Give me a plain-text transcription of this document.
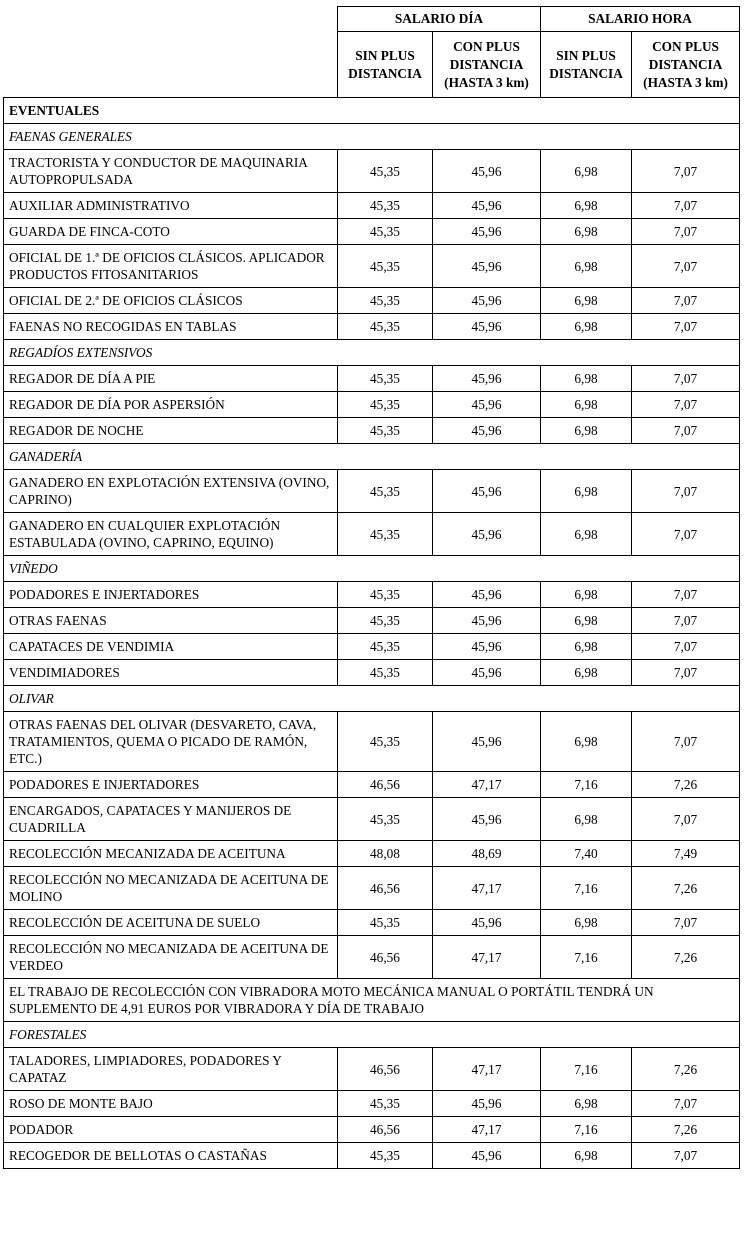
	SALARIO DÍA		SALARIO HORA	
	SIN PLUS DISTANCIA	CON PLUS DISTANCIA (HASTA 3 km)	SIN PLUS DISTANCIA	CON PLUS DISTANCIA (HASTA 3 km)
EVENTUALES				
FAENAS GENERALES				
TRACTORISTA Y CONDUCTOR DE MAQUINARIA AUTOPROPULSADA	45,35	45,96	6,98	7,07
AUXILIAR ADMINISTRATIVO	45,35	45,96	6,98	7,07
GUARDA DE FINCA-COTO	45,35	45,96	6,98	7,07
OFICIAL DE 1.ª DE OFICIOS CLÁSICOS. APLICADOR PRODUCTOS FITOSANITARIOS	45,35	45,96	6,98	7,07
OFICIAL DE 2.ª DE OFICIOS CLÁSICOS	45,35	45,96	6,98	7,07
FAENAS NO RECOGIDAS EN TABLAS	45,35	45,96	6,98	7,07
REGADÍOS EXTENSIVOS				
REGADOR DE DÍA A PIE	45,35	45,96	6,98	7,07
REGADOR DE DÍA POR ASPERSIÓN	45,35	45,96	6,98	7,07
REGADOR DE NOCHE	45,35	45,96	6,98	7,07
GANADERÍA				
GANADERO EN EXPLOTACIÓN EXTENSIVA (OVINO, CAPRINO)	45,35	45,96	6,98	7,07
GANADERO EN CUALQUIER EXPLOTACIÓN ESTABULADA (OVINO, CAPRINO, EQUINO)	45,35	45,96	6,98	7,07
VIÑEDO				
PODADORES E INJERTADORES	45,35	45,96	6,98	7,07
OTRAS FAENAS	45,35	45,96	6,98	7,07
CAPATACES DE VENDIMIA	45,35	45,96	6,98	7,07
VENDIMIADORES	45,35	45,96	6,98	7,07
OLIVAR				
OTRAS FAENAS DEL OLIVAR (DESVARETO, CAVA, TRATAMIENTOS, QUEMA O PICADO DE RAMÓN, ETC.)	45,35	45,96	6,98	7,07
PODADORES E INJERTADORES	46,56	47,17	7,16	7,26
ENCARGADOS, CAPATACES Y MANIJEROS DE CUADRILLA	45,35	45,96	6,98	7,07
RECOLECCIÓN MECANIZADA DE ACEITUNA	48,08	48,69	7,40	7,49
RECOLECCIÓN NO MECANIZADA DE ACEITUNA DE MOLINO	46,56	47,17	7,16	7,26
RECOLECCIÓN DE ACEITUNA DE SUELO	45,35	45,96	6,98	7,07
RECOLECCIÓN NO MECANIZADA DE ACEITUNA DE VERDEO	46,56	47,17	7,16	7,26
EL TRABAJO DE RECOLECCIÓN CON VIBRADORA MOTO MECÁNICA MANUAL O PORTÁTIL TENDRÁ UN SUPLEMENTO DE 4,91 EUROS POR VIBRADORA Y DÍA DE TRABAJO				
FORESTALES				
TALADORES, LIMPIADORES, PODADORES Y CAPATAZ	46,56	47,17	7,16	7,26
ROSO DE MONTE BAJO	45,35	45,96	6,98	7,07
PODADOR	46,56	47,17	7,16	7,26
RECOGEDOR DE BELLOTAS O CASTAÑAS	45,35	45,96	6,98	7,07
